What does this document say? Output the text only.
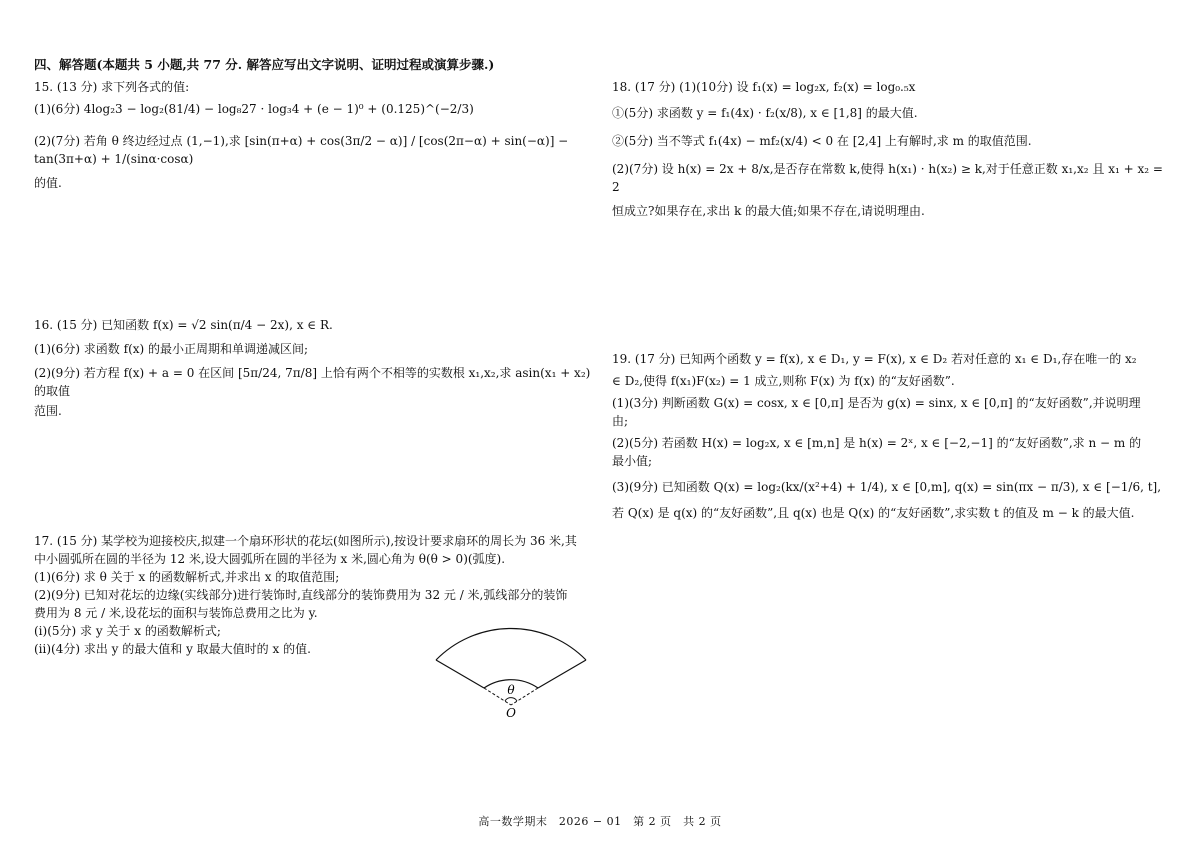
四、解答题(本题共 5 小题,共 77 分. 解答应写出文字说明、证明过程或演算步骤.)

15. (13 分) 求下列各式的值:

(1)(6分) 4log₂3 − log₂(81/4) − log₈27 · log₃4 + (e − 1)⁰ + (0.125)^(−2/3)

(2)(7分) 若角 θ 终边经过点 (1,−1),求 [sin(π+α) + cos(3π/2 − α)] / [cos(2π−α) + sin(−α)] − tan(3π+α) + 1/(sinα·cosα)

的值.

16. (15 分) 已知函数 f(x) = √2 sin(π/4 − 2x), x ∈ R.

(1)(6分) 求函数 f(x) 的最小正周期和单调递减区间;

(2)(9分) 若方程 f(x) + a = 0 在区间 [5π/24, 7π/8] 上恰有两个不相等的实数根 x₁,x₂,求 asin(x₁ + x₂) 的取值

范围.

17. (15 分) 某学校为迎接校庆,拟建一个扇环形状的花坛(如图所示),按设计要求扇环的周长为 36 米,其

中小圆弧所在圆的半径为 12 米,设大圆弧所在圆的半径为 x 米,圆心角为 θ(θ > 0)(弧度).

(1)(6分) 求 θ 关于 x 的函数解析式,并求出 x 的取值范围;

(2)(9分) 已知对花坛的边缘(实线部分)进行装饰时,直线部分的装饰费用为 32 元 / 米,弧线部分的装饰

费用为 8 元 / 米,设花坛的面积与装饰总费用之比为 y.

(ⅰ)(5分) 求 y 关于 x 的函数解析式;

(ⅱ)(4分) 求出 y 的最大值和 y 取最大值时的 x 的值.

θ
O

18. (17 分) (1)(10分) 设 f₁(x) = log₂x, f₂(x) = log₀.₅x

①(5分) 求函数 y = f₁(4x) · f₂(x/8), x ∈ [1,8] 的最大值.

②(5分) 当不等式 f₁(4x) − mf₂(x/4) < 0 在 [2,4] 上有解时,求 m 的取值范围.

(2)(7分) 设 h(x) = 2x + 8/x,是否存在常数 k,使得 h(x₁) · h(x₂) ≥ k,对于任意正数 x₁,x₂ 且 x₁ + x₂ = 2

恒成立?如果存在,求出 k 的最大值;如果不存在,请说明理由.

19. (17 分) 已知两个函数 y = f(x), x ∈ D₁, y = F(x), x ∈ D₂ 若对任意的 x₁ ∈ D₁,存在唯一的 x₂

∈ D₂,使得 f(x₁)F(x₂) = 1 成立,则称 F(x) 为 f(x) 的“友好函数”.

(1)(3分) 判断函数 G(x) = cosx, x ∈ [0,π] 是否为 g(x) = sinx, x ∈ [0,π] 的“友好函数”,并说明理

由;

(2)(5分) 若函数 H(x) = log₂x, x ∈ [m,n] 是 h(x) = 2ˣ, x ∈ [−2,−1] 的“友好函数”,求 n − m 的

最小值;

(3)(9分) 已知函数 Q(x) = log₂(kx/(x²+4) + 1/4), x ∈ [0,m], q(x) = sin(πx − π/3), x ∈ [−1/6, t],

若 Q(x) 是 q(x) 的“友好函数”,且 q(x) 也是 Q(x) 的“友好函数”,求实数 t 的值及 m − k 的最大值.

高一数学期末　2026 − 01　第 2 页　共 2 页
